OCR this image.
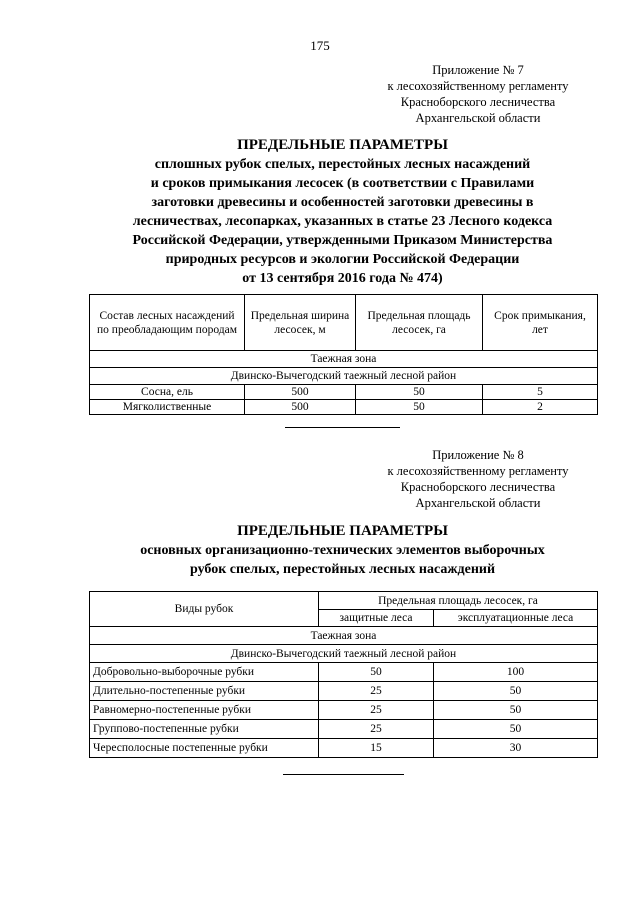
175
Приложение № 7
к лесохозяйственному регламенту
Красноборского лесничества
Архангельской области
ПРЕДЕЛЬНЫЕ ПАРАМЕТРЫ
сплошных рубок спелых, перестойных лесных насаждений
и сроков примыкания лесосек (в соответствии с Правилами
заготовки древесины и особенностей заготовки древесины в
лесничествах, лесопарках, указанных в статье 23 Лесного кодекса
Российской Федерации, утвержденными Приказом Министерства
природных ресурсов и экологии Российской Федерации
от 13 сентября 2016 года № 474)
Состав лесных насаждений по преобладающим породам	Предельная ширина лесосек, м	Предельная площадь лесосек, га	Срок примыкания, лет
Таежная зона			
Двинско-Вычегодский таежный лесной район			
Сосна, ель	500	50	5
Мягколиственные	500	50	2
Приложение № 8
к лесохозяйственному регламенту
Красноборского лесничества
Архангельской области
ПРЕДЕЛЬНЫЕ ПАРАМЕТРЫ
основных организационно-технических элементов выборочных
рубок спелых, перестойных лесных насаждений
Виды рубок	Предельная площадь лесосек, га	
	защитные леса	эксплуатационные леса
Таежная зона		
Двинско-Вычегодский таежный лесной район		
Добровольно-выборочные рубки	50	100
Длительно-постепенные рубки	25	50
Равномерно-постепенные рубки	25	50
Группово-постепенные рубки	25	50
Чересполосные постепенные рубки	15	30
